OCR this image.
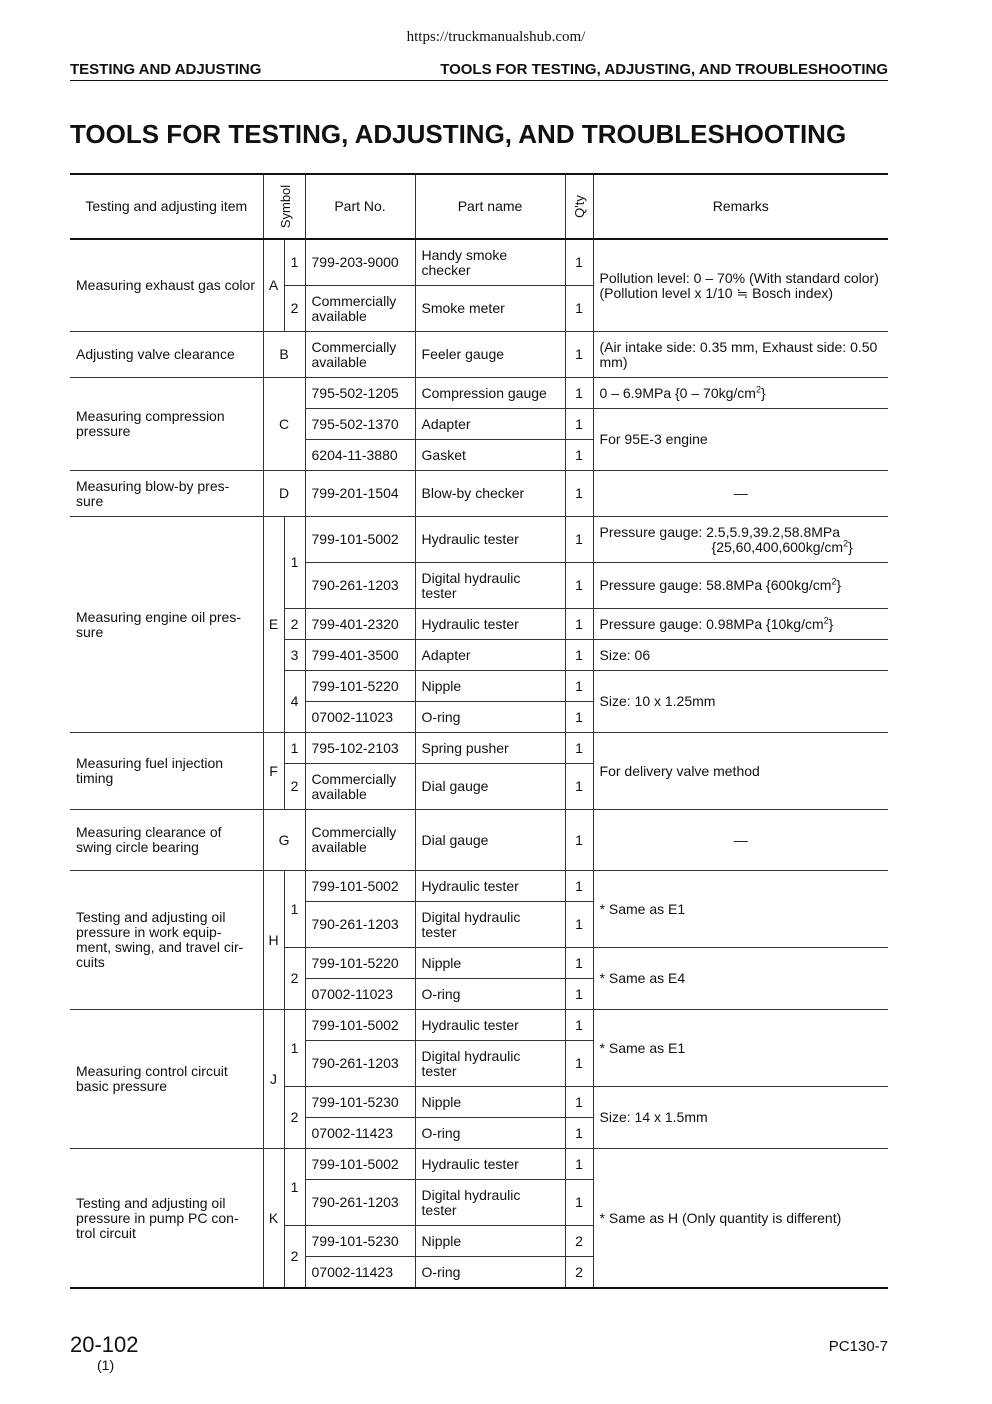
https://truckmanualshub.com/
TESTING AND ADJUSTING	TOOLS FOR TESTING, ADJUSTING, AND TROUBLESHOOTING
TOOLS FOR TESTING, ADJUSTING, AND TROUBLESHOOTING
Testing and adjusting item	Symbol		Part No.	Part name	Q'ty	Remarks
Measuring exhaust gas color	A	1	799-203-9000	Handy smoke checker	1	Pollution level: 0 – 70% (With standard color)
(Pollution level x 1/10 ≒ Bosch index)

		2	Commercially available	Smoke meter	1	
Adjusting valve clearance	B		Commercially available	Feeler gauge	1	(Air intake side: 0.35 mm, Exhaust side: 0.50 mm)
Measuring compression pressure	C		795-502-1205	Compression gauge	1	0 – 6.9MPa $\{0 - 70kg/cm^2\}$
			795-502-1370	Adapter	1	For 95E-3 engine
			6204-11-3880	Gasket	1	
Measuring blow-by pres-sure	D		799-201-1504	Blow-by checker	1	—
Measuring engine oil pres-sure	E	1	799-101-5002	Hydraulic tester	1	Pressure gauge: 2.5,5.9,39.2,58.8MPa
$\{25,60,400,600kg/cm^2\}$

			790-261-1203	Digital hydraulic tester	1	Pressure gauge: 58.8MPa $\{600kg/cm^2\}$
		2	799-401-2320	Hydraulic tester	1	Pressure gauge: 0.98MPa $\{10kg/cm^2\}$
		3	799-401-3500	Adapter	1	Size: 06
		4	799-101-5220	Nipple	1	Size: 10 x 1.25mm
			07002-11023	O-ring	1	
Measuring fuel injection timing	F	1	795-102-2103	Spring pusher	1	For delivery valve method
		2	Commercially available	Dial gauge	1	
Measuring clearance of swing circle bearing	G		Commercially available	Dial gauge	1	—
Testing and adjusting oil pressure in work equip-ment, swing, and travel cir-cuits	H	1	799-101-5002	Hydraulic tester	1	* Same as E1
			790-261-1203	Digital hydraulic tester	1	
		2	799-101-5220	Nipple	1	* Same as E4
			07002-11023	O-ring	1	
Measuring control circuit basic pressure	J	1	799-101-5002	Hydraulic tester	1	* Same as E1
			790-261-1203	Digital hydraulic tester	1	
		2	799-101-5230	Nipple	1	Size: 14 x 1.5mm
			07002-11423	O-ring	1	
Testing and adjusting oil pressure in pump PC con-trol circuit	K	1	799-101-5002	Hydraulic tester	1	* Same as H (Only quantity is different)
			790-261-1203	Digital hydraulic tester	1	
		2	799-101-5230	Nipple	2	
			07002-11423	O-ring	2	
20-102
(1)
PC130-7
